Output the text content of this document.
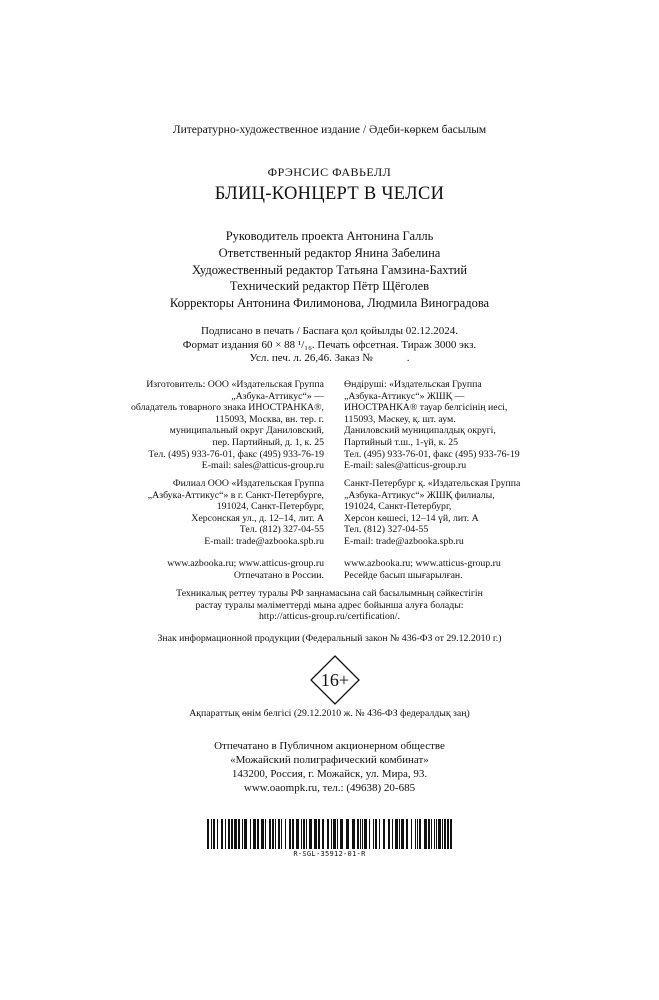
Литературно-художественное издание / Әдеби-көркем басылым
ФРЭНСИС ФАВЬЕЛЛ
БЛИЦ-КОНЦЕРТ В ЧЕЛСИ
Руководитель проекта Антонина Галль
Ответственный редактор Янина Забелина
Художественный редактор Татьяна Гамзина-Бахтий
Технический редактор Пётр Щёголев
Корректоры Антонина Филимонова, Людмила Виноградова
Подписано в печать / Баспаға қол қойылды 02.12.2024.
Формат издания 60 × 88 ¹/₁₆. Печать офсетная. Тираж 3000 экз.
Усл. печ. л. 26,46. Заказ №	.
Изготовитель: ООО «Издательская Группа
„Азбука-Аттикус“» —
обладатель товарного знака ИНОСТРАНКА®,
115093, Москва, вн. тер. г.
муниципальный округ Даниловский,
пер. Партийный, д. 1, к. 25
Тел. (495) 933-76-01, факс (495) 933-76-19
E-mail: sales@atticus-group.ru
Өндіруші: «Издательская Группа
„Азбука-Аттикус“» ЖШҚ —
ИНОСТРАНКА® тауар белгісінің иесі,
115093, Мәскеу, қ. шт. аум.
Даниловский муниципалдық округі,
Партийный т.ш., 1-үй, к. 25
Тел. (495) 933-76-01, факс (495) 933-76-19
E-mail: sales@atticus-group.ru
Филиал ООО «Издательская Группа
„Азбука-Аттикус“» в г. Санкт-Петербурге,
191024, Санкт-Петербург,
Херсонская ул., д. 12–14, лит. А
Тел. (812) 327-04-55
E-mail: trade@azbooka.spb.ru
Санкт-Петербург қ. «Издательская Группа
„Азбука-Аттикус“» ЖШҚ филиалы,
191024, Санкт-Петербург,
Херсон көшесі, 12–14 үй, лит. А
Тел. (812) 327-04-55
E-mail: trade@azbooka.spb.ru
www.azbooka.ru; www.atticus-group.ru
Отпечатано в России.
www.azbooka.ru; www.atticus-group.ru
Ресейде басып шығарылған.
Техникалық реттеу туралы РФ заңнамасына сай басылымның сәйкестігін
растау туралы мәліметтерді мына адрес бойынша алуға болады:
http://atticus-group.ru/certification/.
Знак информационной продукции (Федеральный закон № 436-ФЗ от 29.12.2010 г.)
16+
Ақпараттық өнім белгісі (29.12.2010 ж. № 436-ФЗ федералдық заң)
Отпечатано в Публичном акционерном обществе
«Можайский полиграфический комбинат»
143200, Россия, г. Можайск, ул. Мира, 93.
www.oaompk.ru, тел.: (49638) 20-685
R-SGL-35912-01-R
